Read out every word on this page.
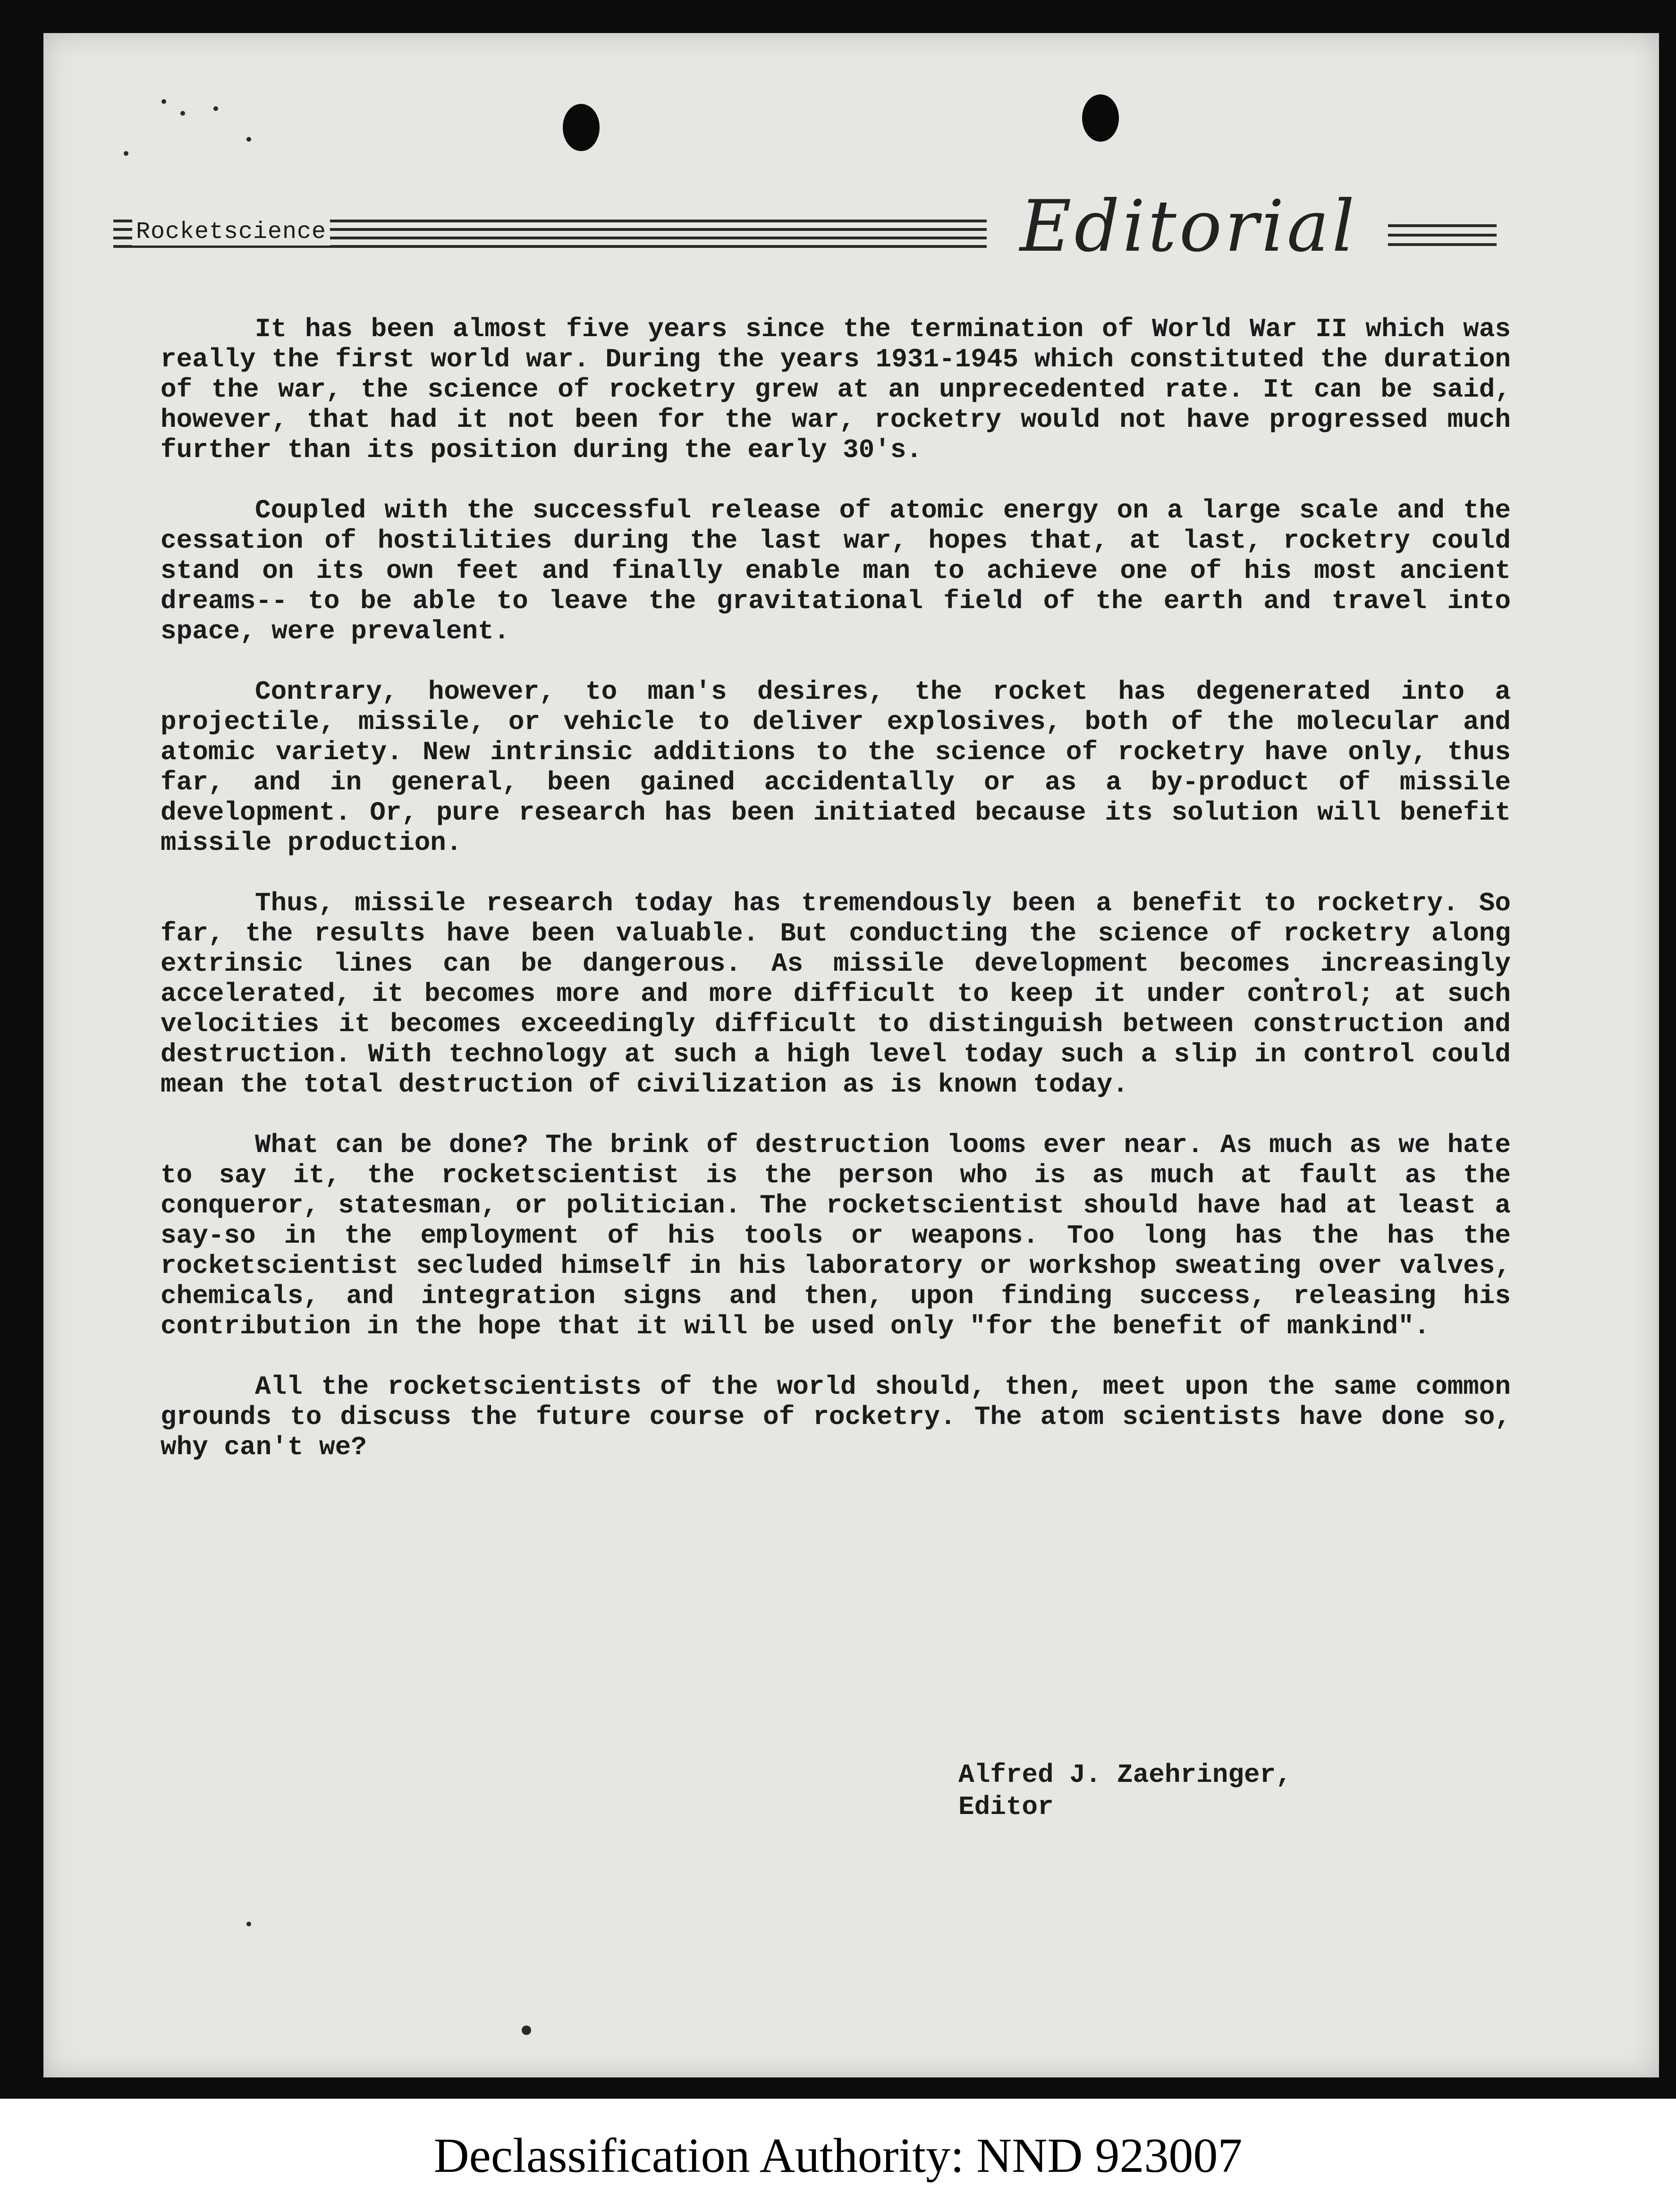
Rocketscience	Editorial

It has been almost five years since the termination of World War II which was really the first world war. During the years 1931-1945 which constituted the duration of the war, the science of rocketry grew at an unprecedented rate. It can be said, however, that had it not been for the war, rocketry would not have progressed much further than its position during the early 30's.

Coupled with the successful release of atomic energy on a large scale and the cessation of hostilities during the last war, hopes that, at last, rocketry could stand on its own feet and finally enable man to achieve one of his most ancient dreams-- to be able to leave the gravitational field of the earth and travel into space, were prevalent.

Contrary, however, to man's desires, the rocket has degenerated into a projectile, missile, or vehicle to deliver explosives, both of the molecular and atomic variety. New intrinsic additions to the science of rocketry have only, thus far, and in general, been gained accidentally or as a by-product of missile development. Or, pure research has been initiated because its solution will benefit missile production.

Thus, missile research today has tremendously been a benefit to rocketry. So far, the results have been valuable. But conducting the science of rocketry along extrinsic lines can be dangerous. As missile development becomes increasingly accelerated, it becomes more and more difficult to keep it under control; at such velocities it becomes exceedingly difficult to distinguish between construction and destruction. With technology at such a high level today such a slip in control could mean the total destruction of civilization as is known today.

What can be done? The brink of destruction looms ever near. As much as we hate to say it, the rocketscientist is the person who is as much at fault as the conqueror, statesman, or politician. The rocketscientist should have had at least a say-so in the employment of his tools or weapons. Too long has the has the rocketscientist secluded himself in his laboratory or workshop sweating over valves, chemicals, and integration signs and then, upon finding success, releasing his contribution in the hope that it will be used only "for the benefit of mankind".

All the rocketscientists of the world should, then, meet upon the same common grounds to discuss the future course of rocketry. The atom scientists have done so, why can't we?

Alfred J. Zaehringer,
Editor
Declassification Authority: NND 923007
